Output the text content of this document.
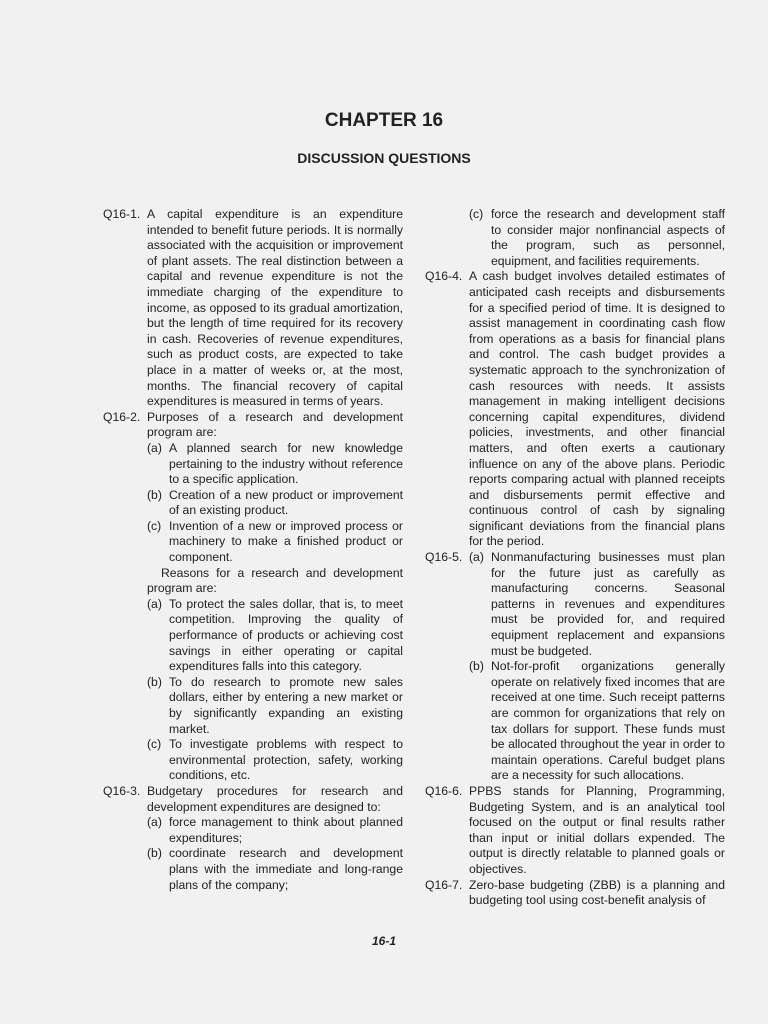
CHAPTER 16
DISCUSSION QUESTIONS
Q16-1. A capital expenditure is an expenditure intended to benefit future periods. It is normally associated with the acquisition or improvement of plant assets. The real distinction between a capital and revenue expenditure is not the immediate charging of the expenditure to income, as opposed to its gradual amortization, but the length of time required for its recovery in cash. Recoveries of revenue expenditures, such as product costs, are expected to take place in a matter of weeks or, at the most, months. The financial recovery of capital expenditures is measured in terms of years.

Q16-2. Purposes of a research and development program are:

(a) A planned search for new knowledge pertaining to the industry without reference to a specific application.
(b) Creation of a new product or improvement of an existing product.
(c) Invention of a new or improved process or machinery to make a finished product or component.

Reasons for a research and development program are:

(a) To protect the sales dollar, that is, to meet competition. Improving the quality of performance of products or achieving cost savings in either operating or capital expenditures falls into this category.
(b) To do research to promote new sales dollars, either by entering a new market or by significantly expanding an existing market.
(c) To investigate problems with respect to environmental protection, safety, working conditions, etc.
Q16-3. Budgetary procedures for research and development expenditures are designed to:

(a) force management to think about planned expenditures;
(b) coordinate research and development plans with the immediate and long-range plans of the company;
(c) force the research and development staff to consider major nonfinancial aspects of the program, such as personnel, equipment, and facilities requirements.
Q16-4. A cash budget involves detailed estimates of anticipated cash receipts and disbursements for a specified period of time. It is designed to assist management in coordinating cash flow from operations as a basis for financial plans and control. The cash budget provides a systematic approach to the synchronization of cash resources with needs. It assists management in making intelligent decisions concerning capital expenditures, dividend policies, investments, and other financial matters, and often exerts a cautionary influence on any of the above plans. Periodic reports comparing actual with planned receipts and disbursements permit effective and continuous control of cash by signaling significant deviations from the financial plans for the period.

Q16-5. (a) Nonmanufacturing businesses must plan for the future just as carefully as manufacturing concerns. Seasonal patterns in revenues and expenditures must be provided for, and required equipment replacement and expansions must be budgeted.
(b) Not-for-profit organizations generally operate on relatively fixed incomes that are received at one time. Such receipt patterns are common for organizations that rely on tax dollars for support. These funds must be allocated throughout the year in order to maintain operations. Careful budget plans are a necessity for such allocations.
Q16-6. PPBS stands for Planning, Programming, Budgeting System, and is an analytical tool focused on the output or final results rather than input or initial dollars expended. The output is directly relatable to planned goals or objectives.

Q16-7. Zero-base budgeting (ZBB) is a planning and budgeting tool using cost-benefit analysis of

16-1
